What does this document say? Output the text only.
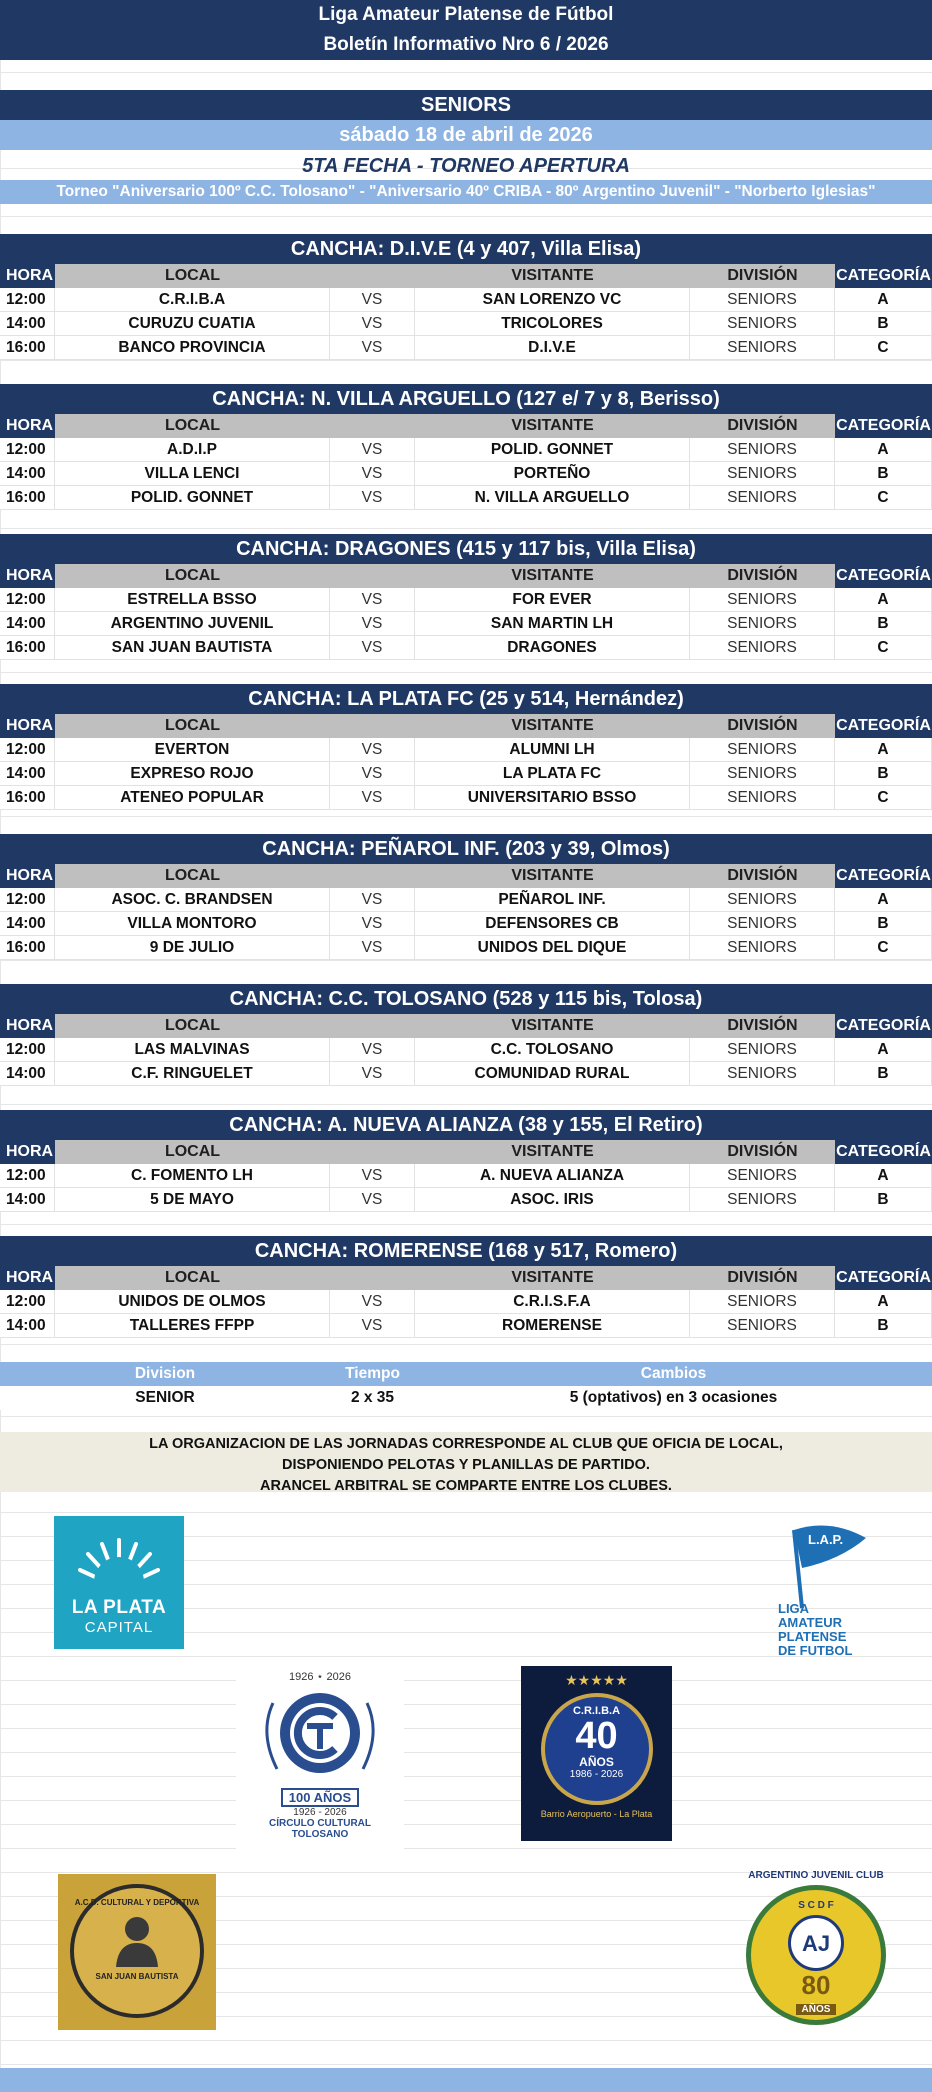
Liga Amateur Platense de Fútbol
Boletín Informativo Nro 6 / 2026
SENIORS
sábado 18 de abril de 2026
5TA FECHA - TORNEO APERTURA
Torneo "Aniversario 100º C.C. Tolosano" - "Aniversario 40º CRIBA - 80º Argentino Juvenil" - "Norberto Iglesias"
CANCHA: D.I.V.E (4 y 407, Villa Elisa)
HORA	LOCAL	VISITANTE	DIVISIÓN	CATEGORÍA
12:00	C.R.I.B.A	VS	SAN LORENZO VC	SENIORS	A
14:00	CURUZU CUATIA	VS	TRICOLORES	SENIORS	B
16:00	BANCO PROVINCIA	VS	D.I.V.E	SENIORS	C
CANCHA: N. VILLA ARGUELLO (127 e/ 7 y 8, Berisso)
HORA	LOCAL	VISITANTE	DIVISIÓN	CATEGORÍA
12:00	A.D.I.P	VS	POLID. GONNET	SENIORS	A
14:00	VILLA LENCI	VS	PORTEÑO	SENIORS	B
16:00	POLID. GONNET	VS	N. VILLA ARGUELLO	SENIORS	C
CANCHA: DRAGONES (415 y 117 bis, Villa Elisa)
HORA	LOCAL	VISITANTE	DIVISIÓN	CATEGORÍA
12:00	ESTRELLA BSSO	VS	FOR EVER	SENIORS	A
14:00	ARGENTINO JUVENIL	VS	SAN MARTIN LH	SENIORS	B
16:00	SAN JUAN BAUTISTA	VS	DRAGONES	SENIORS	C
CANCHA: LA PLATA FC (25 y 514, Hernández)
HORA	LOCAL	VISITANTE	DIVISIÓN	CATEGORÍA
12:00	EVERTON	VS	ALUMNI LH	SENIORS	A
14:00	EXPRESO ROJO	VS	LA PLATA FC	SENIORS	B
16:00	ATENEO POPULAR	VS	UNIVERSITARIO BSSO	SENIORS	C
CANCHA: PEÑAROL INF. (203 y 39, Olmos)
HORA	LOCAL	VISITANTE	DIVISIÓN	CATEGORÍA
12:00	ASOC. C. BRANDSEN	VS	PEÑAROL INF.	SENIORS	A
14:00	VILLA MONTORO	VS	DEFENSORES CB	SENIORS	B
16:00	9 DE JULIO	VS	UNIDOS DEL DIQUE	SENIORS	C
CANCHA: C.C. TOLOSANO (528 y 115 bis, Tolosa)
HORA	LOCAL	VISITANTE	DIVISIÓN	CATEGORÍA
12:00	LAS MALVINAS	VS	C.C. TOLOSANO	SENIORS	A
14:00	C.F. RINGUELET	VS	COMUNIDAD RURAL	SENIORS	B
CANCHA: A. NUEVA ALIANZA (38 y 155, El Retiro)
HORA	LOCAL	VISITANTE	DIVISIÓN	CATEGORÍA
12:00	C. FOMENTO LH	VS	A. NUEVA ALIANZA	SENIORS	A
14:00	5 DE MAYO	VS	ASOC. IRIS	SENIORS	B
CANCHA: ROMERENSE (168 y 517, Romero)
HORA	LOCAL	VISITANTE	DIVISIÓN	CATEGORÍA
12:00	UNIDOS DE OLMOS	VS	C.R.I.S.F.A	SENIORS	A
14:00	TALLERES FFPP	VS	ROMERENSE	SENIORS	B
Division	Tiempo	Cambios
SENIOR	2 x 35	5 (optativos) en 3 ocasiones
LA ORGANIZACION DE LAS JORNADAS CORRESPONDE AL CLUB QUE OFICIA DE LOCAL,
DISPONIENDO PELOTAS Y PLANILLAS DE PARTIDO.
ARANCEL ARBITRAL SE COMPARTE ENTRE LOS CLUBES.
LA PLATA
CAPITAL
L.A.P.
LIGA
AMATEUR
PLATENSE
DE FUTBOL
1926 ⋆ 2026
100 AÑOS
1926 - 2026
CÍRCULO CULTURAL
TOLOSANO
★★★★★
C.R.I.B.A
40
AÑOS
1986 - 2026
Barrio Aeropuerto - La Plata
A.C.D. CULTURAL Y DEPORTIVA
SAN JUAN BAUTISTA
ARGENTINO JUVENIL CLUB
S C D F
AJ
80
AÑOS
